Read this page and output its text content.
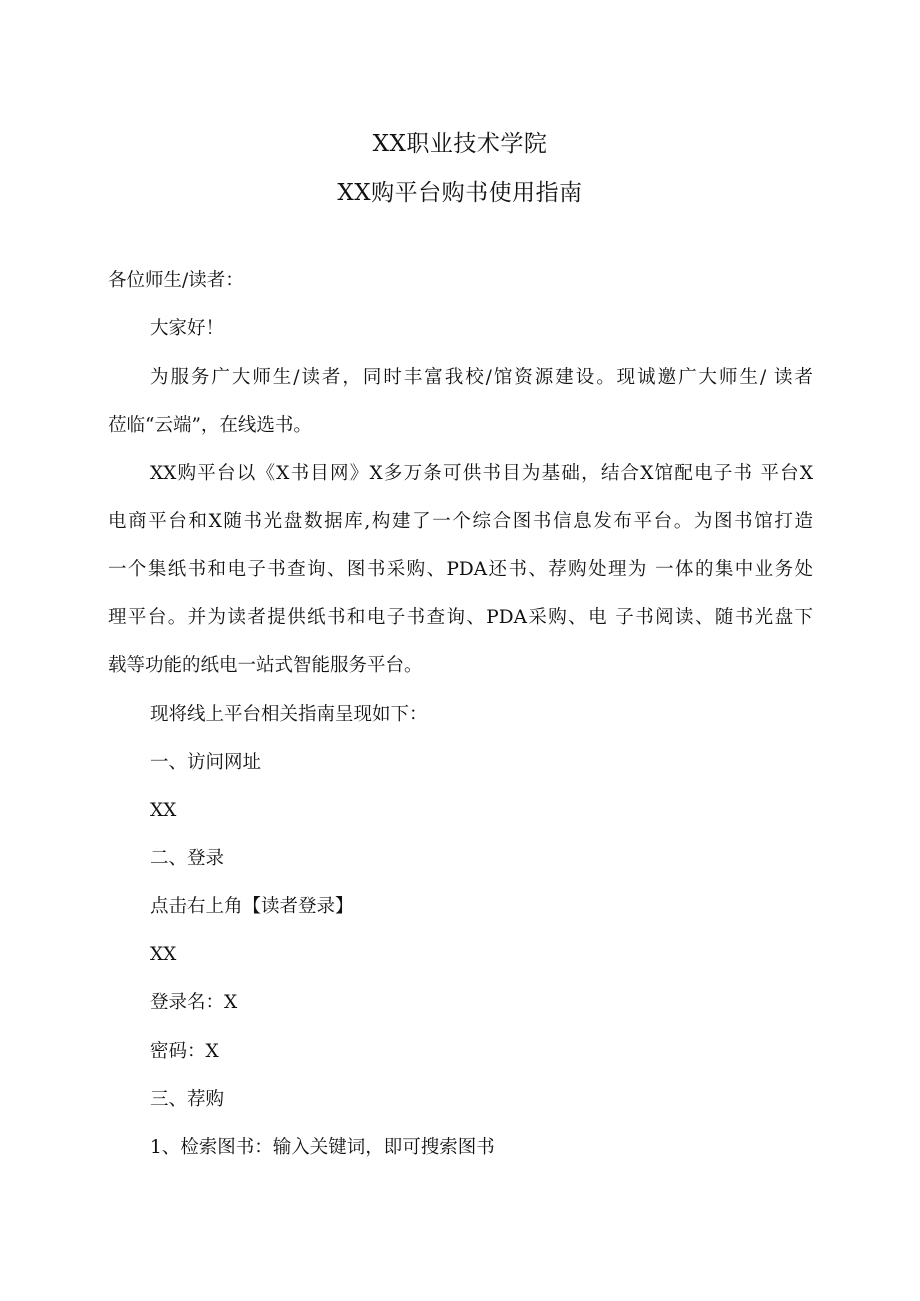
XX职业技术学院
XX购平台购书使用指南
各位师生/读者：
大家好！
为服务广大师生/读者，同时丰富我校/馆资源建设。现诚邀广大师生/ 读者
莅临“云端”，在线选书。
XX购平台以《X书目网》X多万条可供书目为基础，结合X馆配电子书 平台X
电商平台和X随书光盘数据库,构建了一个综合图书信息发布平台。为图书馆打造
一个集纸书和电子书查询、图书采购、PDA还书、荐购处理为 一体的集中业务处
理平台。并为读者提供纸书和电子书查询、PDA采购、电 子书阅读、随书光盘下
载等功能的纸电一站式智能服务平台。
现将线上平台相关指南呈现如下：
一、访问网址
XX
二、登录
点击右上角【读者登录】
XX
登录名：X
密码：X
三、荐购
1、检索图书：输入关键词，即可搜索图书
